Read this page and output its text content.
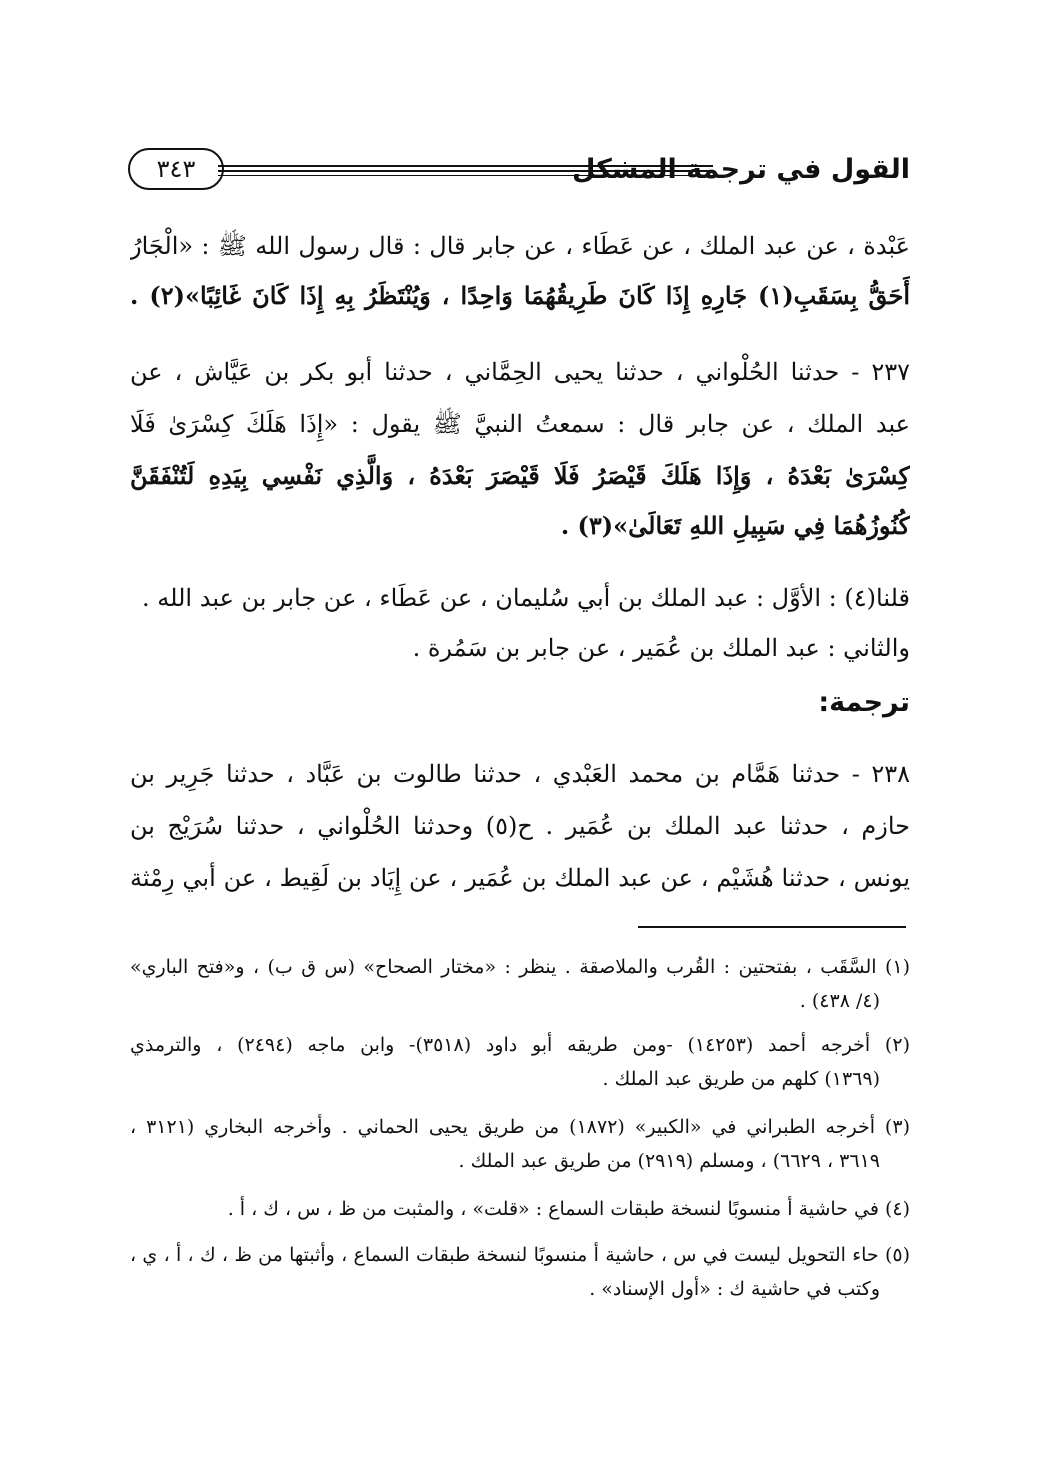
القول في ترجمة المشكل
٣٤٣
عَبْدة ، عن عبد الملك ، عن عَطَاء ، عن جابر قال : قال رسول الله ﷺ : «الْجَارُ
أَحَقُّ بِسَقَبِ(١) جَارِهِ إِذَا كَانَ طَرِيقُهُمَا وَاحِدًا ، وَيُنْتَظَرُ بِهِ إِذَا كَانَ غَائِبًا»(٢) .
٢٣٧ - حدثنا الحُلْواني ، حدثنا يحيى الحِمَّاني ، حدثنا أبو بكر بن عَيَّاش ، عن
عبد الملك ، عن جابر قال : سمعتُ النبيَّ ﷺ يقول : «إِذَا هَلَكَ كِسْرَىٰ فَلَا
كِسْرَىٰ بَعْدَهُ ، وَإِذَا هَلَكَ قَيْصَرُ فَلَا قَيْصَرَ بَعْدَهُ ، وَالَّذِي نَفْسِي بِيَدِهِ لَتُنْفَقَنَّ
كُنُوزُهُمَا فِي سَبِيلِ اللهِ تَعَالَىٰ»(٣) .
قلنا(٤) : الأوَّل : عبد الملك بن أبي سُليمان ، عن عَطَاء ، عن جابر بن عبد الله .
والثاني : عبد الملك بن عُمَير ، عن جابر بن سَمُرة .
ترجمة:
٢٣٨ - حدثنا هَمَّام بن محمد العَبْدي ، حدثنا طالوت بن عَبَّاد ، حدثنا جَرِير بن
حازم ، حدثنا عبد الملك بن عُمَير . ح(٥) وحدثنا الحُلْواني ، حدثنا سُرَيْج بن
يونس ، حدثنا هُشَيْم ، عن عبد الملك بن عُمَير ، عن إِيَاد بن لَقِيط ، عن أبي رِمْثة
(١) السَّقَب ، بفتحتين : القُرب والملاصقة . ينظر : «مختار الصحاح» (س ق ب) ، و«فتح الباري»
(٤/ ٤٣٨) .
(٢) أخرجه أحمد (١٤٢٥٣) -ومن طريقه أبو داود (٣٥١٨)- وابن ماجه (٢٤٩٤) ، والترمذي
(١٣٦٩) كلهم من طريق عبد الملك .
(٣) أخرجه الطبراني في «الكبير» (١٨٧٢) من طريق يحيى الحماني . وأخرجه البخاري (٣١٢١ ،
٣٦١٩ ، ٦٦٢٩) ، ومسلم (٢٩١٩) من طريق عبد الملك .
(٤) في حاشية أ منسوبًا لنسخة طبقات السماع : «قلت» ، والمثبت من ظ ، س ، ك ، أ .
(٥) حاء التحويل ليست في س ، حاشية أ منسوبًا لنسخة طبقات السماع ، وأثبتها من ظ ، ك ، أ ، ي ،
وكتب في حاشية ك : «أول الإسناد» .
